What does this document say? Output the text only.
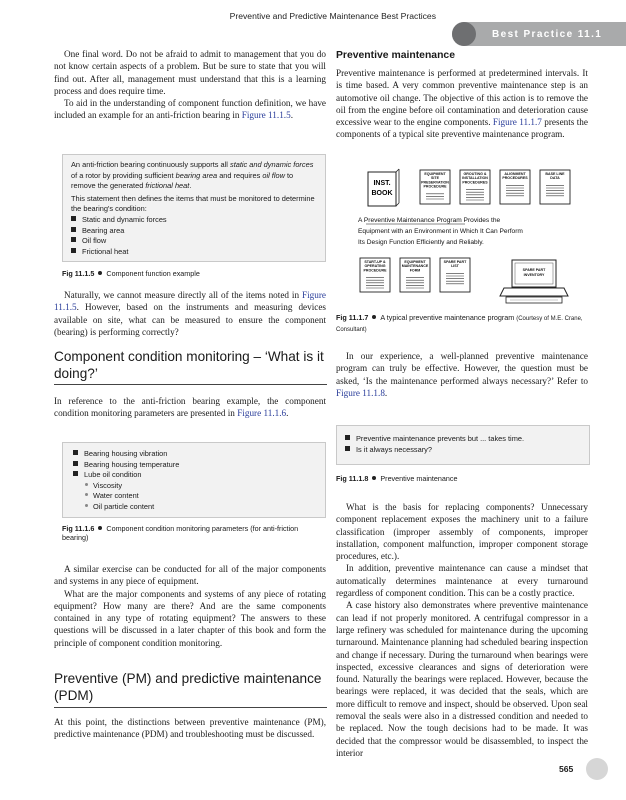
Preventive and Predictive Maintenance Best Practices
Best Practice 11.1

One final word. Do not be afraid to admit to management that you do not know certain aspects of a problem. But be sure to state that you will find out. After all, management must understand that this is a learning process and does require time.

To aid in the understanding of component function definition, we have included an example for an anti-friction bearing in Figure 11.1.5.

An anti-friction bearing continuously supports all static and dynamic forces of a rotor by providing sufficient bearing area and requires oil flow to remove the generated frictional heat.
This statement then defines the items that must be monitored to determine the bearing's condition:
Static and dynamic forces
Bearing area
Oil flow
Frictional heat
Fig 11.1.5 Component function example

Naturally, we cannot measure directly all of the items noted in Figure 11.1.5. However, based on the instruments and measuring devices available on site, what can be measured to ensure the component (bearing) is performing correctly?

Component condition monitoring – ‘What is it doing?’

In reference to the anti-friction bearing example, the component condition monitoring parameters are presented in Figure 11.1.6.

Bearing housing vibration
Bearing housing temperature
Lube oil condition
Viscosity
Water content
Oil particle content
Fig 11.1.6 Component condition monitoring parameters (for anti-friction bearing)

A similar exercise can be conducted for all of the major components and systems in any piece of equipment.

What are the major components and systems of any piece of rotating equipment? How many are there? And are the same components contained in any type of rotating equipment? The answers to these questions will be discussed in a later chapter of this book and form the principle of component condition monitoring.

Preventive (PM) and predictive maintenance (PDM)

At this point, the distinctions between preventive maintenance (PM), predictive maintenance (PDM) and troubleshooting must be discussed.

Preventive maintenance

Preventive maintenance is performed at predetermined intervals. It is time based. A very common preventive maintenance step is an automotive oil change. The objective of this action is to remove the oil from the engine before oil contamination and deterioration cause excessive wear to the engine components. Figure 11.1.7 presents the components of a typical site preventive maintenance program.

INST.
BOOK
EQUIPMENT
SITE
PRESERVATION
PROCEDURE
GROUTING &
INSTALLATION
PROCEDURES
ALIGNMENT
PROCEDURES
BASE LINE
DATA
A Preventive Maintenance Program Provides the
Equipment with an Environment in Which It Can Perform
Its Design Function Efficiently and Reliably.
START-UP &
OPERATING
PROCEDURE
EQUIPMENT
MAINTENANCE
FORM
SPARE PART
LIST
SPARE PART
INVENTORY
Fig 11.1.7 A typical preventive maintenance program (Courtesy of M.E. Crane, Consultant)

In our experience, a well-planned preventive maintenance program can truly be effective. However, the question must be asked, ‘Is the maintenance performed always necessary?’ Refer to Figure 11.1.8.

Preventive maintenance prevents but ... takes time.
Is it always necessary?
Fig 11.1.8 Preventive maintenance

What is the basis for replacing components? Unnecessary component replacement exposes the machinery unit to a failure classification (improper assembly of components, improper installation, component malfunction, improper component storage procedures, etc.).

In addition, preventive maintenance can cause a mindset that automatically determines maintenance at every turnaround regardless of component condition. This can be a costly practice.

A case history also demonstrates where preventive maintenance can lead if not properly monitored. A centrifugal compressor in a large refinery was scheduled for maintenance during the upcoming turnaround. Maintenance planning had scheduled bearing inspection and change if necessary. During the turnaround when bearings were inspected, excessive clearances and signs of deterioration were found. Naturally the bearings were replaced. However, because the bearings were replaced, it was decided that the seals, which are more difficult to remove and inspect, should be observed. Upon seal removal the seals were also in a distressed condition and needed to be replaced. Now the tough decisions had to be made. It was decided that the compressor would be disassembled, to inspect the interior

565
